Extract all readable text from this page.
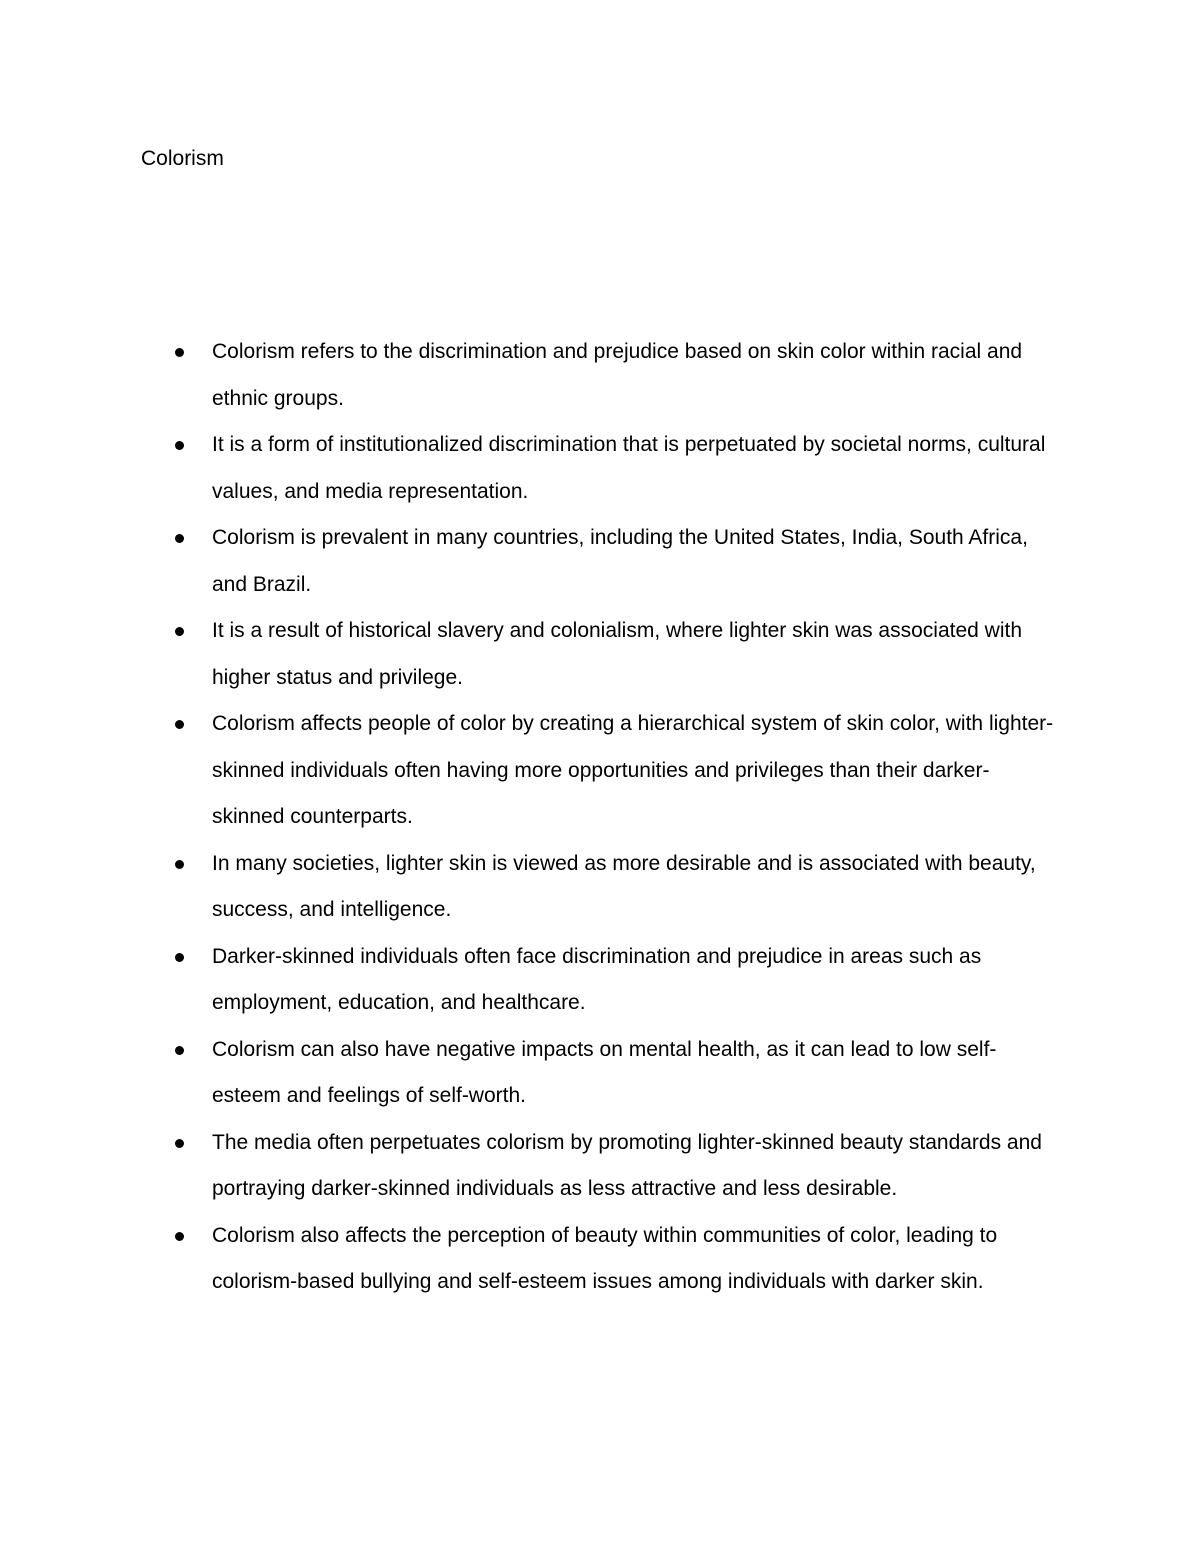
Colorism
Colorism refers to the discrimination and prejudice based on skin color within racial and ethnic groups.
It is a form of institutionalized discrimination that is perpetuated by societal norms, cultural values, and media representation.
Colorism is prevalent in many countries, including the United States, India, South Africa, and Brazil.
It is a result of historical slavery and colonialism, where lighter skin was associated with higher status and privilege.
Colorism affects people of color by creating a hierarchical system of skin color, with lighter-skinned individuals often having more opportunities and privileges than their darker-skinned counterparts.
In many societies, lighter skin is viewed as more desirable and is associated with beauty, success, and intelligence.
Darker-skinned individuals often face discrimination and prejudice in areas such as employment, education, and healthcare.
Colorism can also have negative impacts on mental health, as it can lead to low self-esteem and feelings of self-worth.
The media often perpetuates colorism by promoting lighter-skinned beauty standards and portraying darker-skinned individuals as less attractive and less desirable.
Colorism also affects the perception of beauty within communities of color, leading to colorism-based bullying and self-esteem issues among individuals with darker skin.
